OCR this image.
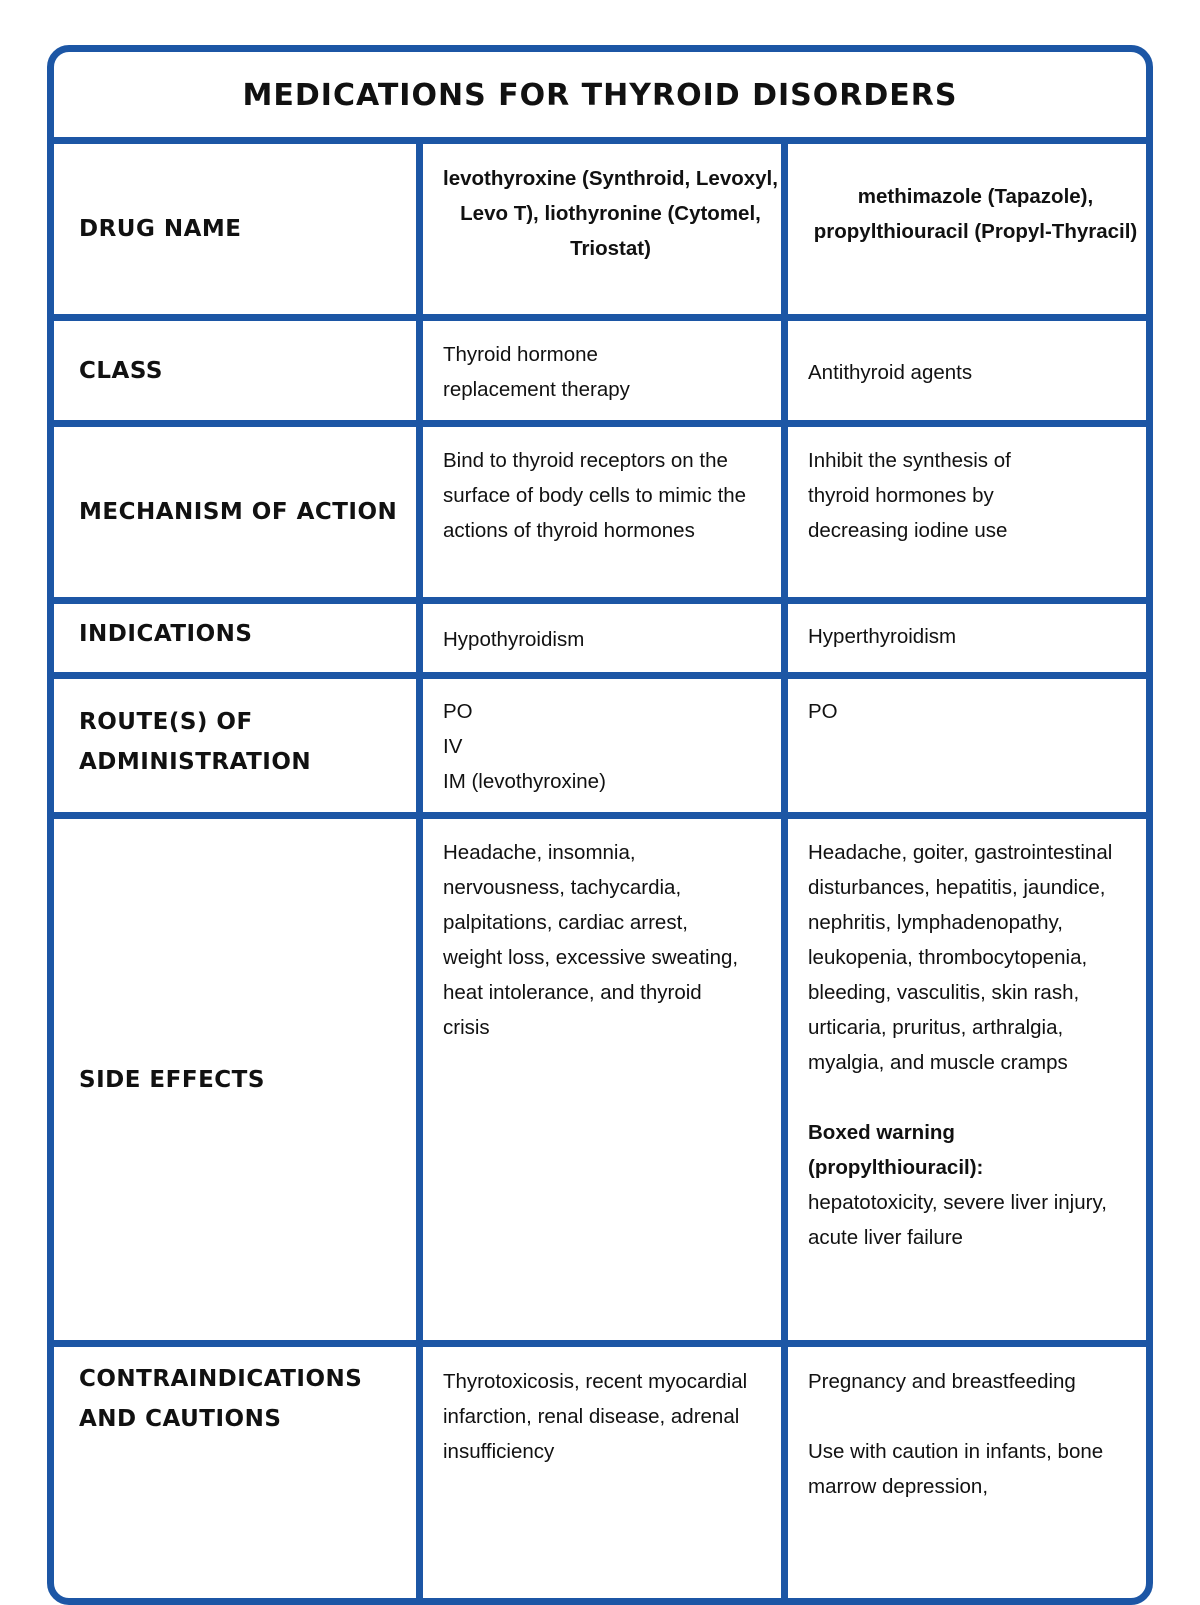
MEDICATIONS FOR THYROID DISORDERS
DRUG NAME
levothyroxine (Synthroid, Levoxyl, Levo T), liothyronine (Cytomel, Triostat)
methimazole (Tapazole), propylthiouracil (Propyl-Thyracil)
CLASS
Thyroid hormone replacement therapy
Antithyroid agents
MECHANISM OF ACTION
Bind to thyroid receptors on the surface of body cells to mimic the actions of thyroid hormones
Inhibit the synthesis of thyroid hormones by decreasing iodine use
INDICATIONS	Hypothyroidism	Hyperthyroidism
ROUTE(S) OF ADMINISTRATION
PO
IV
IM (levothyroxine)
PO
SIDE EFFECTS
Headache, insomnia, nervousness, tachycardia, palpitations, cardiac arrest, weight loss, excessive sweating, heat intolerance, and thyroid crisis
Headache, goiter, gastrointestinal disturbances, hepatitis, jaundice, nephritis, lymphadenopathy, leukopenia, thrombocytopenia, bleeding, vasculitis, skin rash, urticaria, pruritus, arthralgia, myalgia, and muscle cramps
Boxed warning (propylthiouracil):
hepatotoxicity, severe liver injury, acute liver failure
CONTRAINDICATIONS AND CAUTIONS
Thyrotoxicosis, recent myocardial infarction, renal disease, adrenal insufficiency
Pregnancy and breastfeeding
Use with caution in infants, bone marrow depression,
